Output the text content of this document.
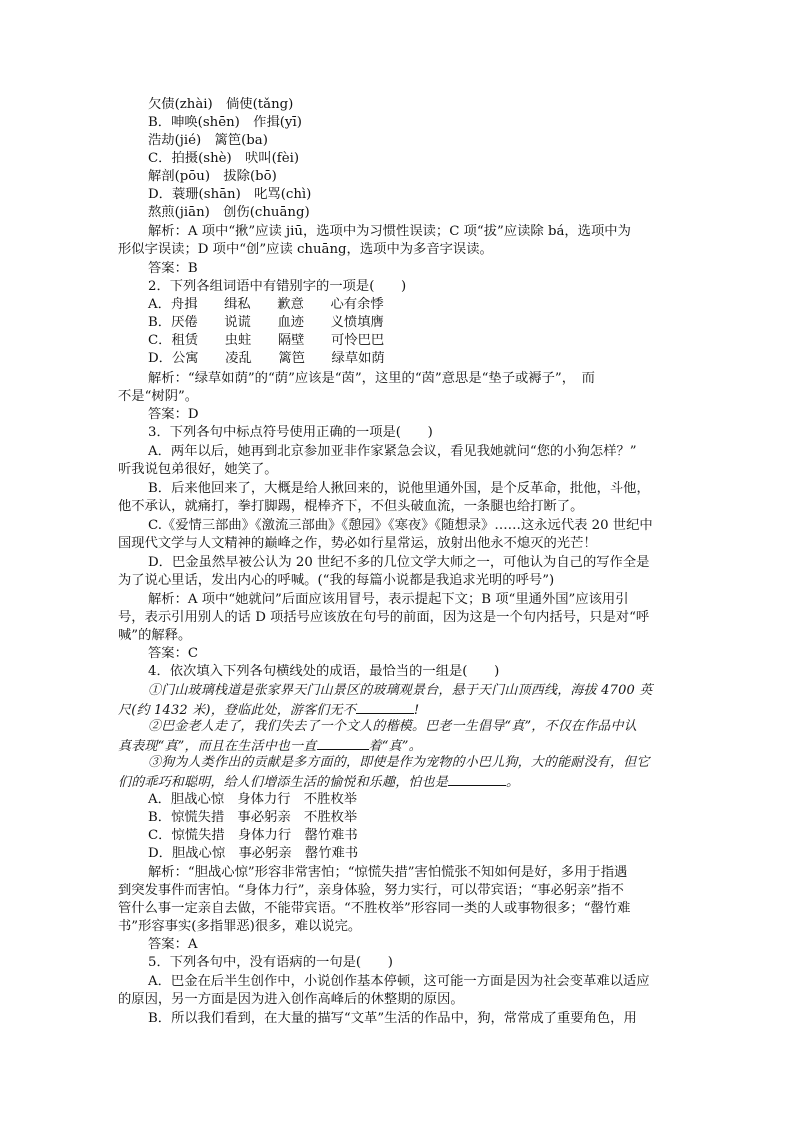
欠债(zhài)　倘使(tǎng)
B．呻唤(shēn)　作揖(yī)
浩劫(jié)　篱笆(ba)
C．拍摄(shè)　吠叫(fèi)
解剖(pōu)　拔除(bō)
D．蓑珊(shān)　叱骂(chì)
熬煎(jiān)　创伤(chuāng)
解析：A 项中“揪”应读 jiū，选项中为习惯性误读；C 项“拔”应读除 bá，选项中为
形似字误读；D 项中“创”应读 chuāng，选项中为多音字误读。
答案：B
2．下列各组词语中有错别字的一项是(　　)
A．舟揖　　缉私　　歉意　　心有余悸
B．厌倦　　说谎　　血迹　　义愤填膺
C．租赁　　虫蛀　　隔壁　　可怜巴巴
D．公寓　　凌乱　　篱笆　　绿草如荫
解析：“绿草如荫”的“荫”应该是“茵”，这里的“茵”意思是“垫子或褥子”，　而
不是“树阴”。
答案：D
3．下列各句中标点符号使用正确的一项是(　　)
A．两年以后，她再到北京参加亚非作家紧急会议，看见我她就问“您的小狗怎样？”
听我说包弟很好，她笑了。
B．后来他回来了，大概是给人揪回来的，说他里通外国，是个反革命，批他，斗他，
他不承认，就痛打，拳打脚踢，棍棒齐下，不但头破血流，一条腿也给打断了。
C.《爱情三部曲》《激流三部曲》《憩园》《寒夜》《随想录》……这永远代表 20 世纪中
国现代文学与人文精神的巅峰之作，势必如行星常运，放射出他永不熄灭的光芒！
D．巴金虽然早被公认为 20 世纪不多的几位文学大师之一，可他认为自己的写作全是
为了说心里话，发出内心的呼喊。(“我的每篇小说都是我追求光明的呼号”)
解析：A 项中“她就问”后面应该用冒号，表示提起下文；B 项“里通外国”应该用引
号，表示引用别人的话 D 项括号应该放在句号的前面，因为这是一个句内括号，只是对“呼
喊”的解释。
答案：C
4．依次填入下列各句横线处的成语，最恰当的一组是(　　)
①门山玻璃栈道是张家界天门山景区的玻璃观景台，悬于天门山顶西线，海拔 4700 英
尺(约 1432 米)，登临此处，游客们无不	!
②巴金老人走了，我们失去了一个文人的楷模。巴老一生倡导“真”，不仅在作品中认
真表现“真”，而且在生活中也一直	着“真”。
③狗为人类作出的贡献是多方面的，即使是作为宠物的小巴儿狗，大的能耐没有，但它
们的乖巧和聪明，给人们增添生活的愉悦和乐趣，怕也是	。
A．胆战心惊　身体力行　不胜枚举
B．惊慌失措　事必躬亲　不胜枚举
C．惊慌失措　身体力行　罄竹难书
D．胆战心惊　事必躬亲　罄竹难书
解析：“胆战心惊”形容非常害怕；“惊慌失措”害怕慌张不知如何是好，多用于指遇
到突发事件而害怕。“身体力行”，亲身体验，努力实行，可以带宾语；“事必躬亲”指不
管什么事一定亲自去做，不能带宾语。“不胜枚举”形容同一类的人或事物很多；“罄竹难
书”形容事实(多指罪恶)很多，难以说完。
答案：A
5．下列各句中，没有语病的一句是(　　)
A．巴金在后半生创作中，小说创作基本停顿，这可能一方面是因为社会变革难以适应
的原因，另一方面是因为进入创作高峰后的休整期的原因。
B．所以我们看到，在大量的描写“文革”生活的作品中，狗，常常成了重要角色，用
